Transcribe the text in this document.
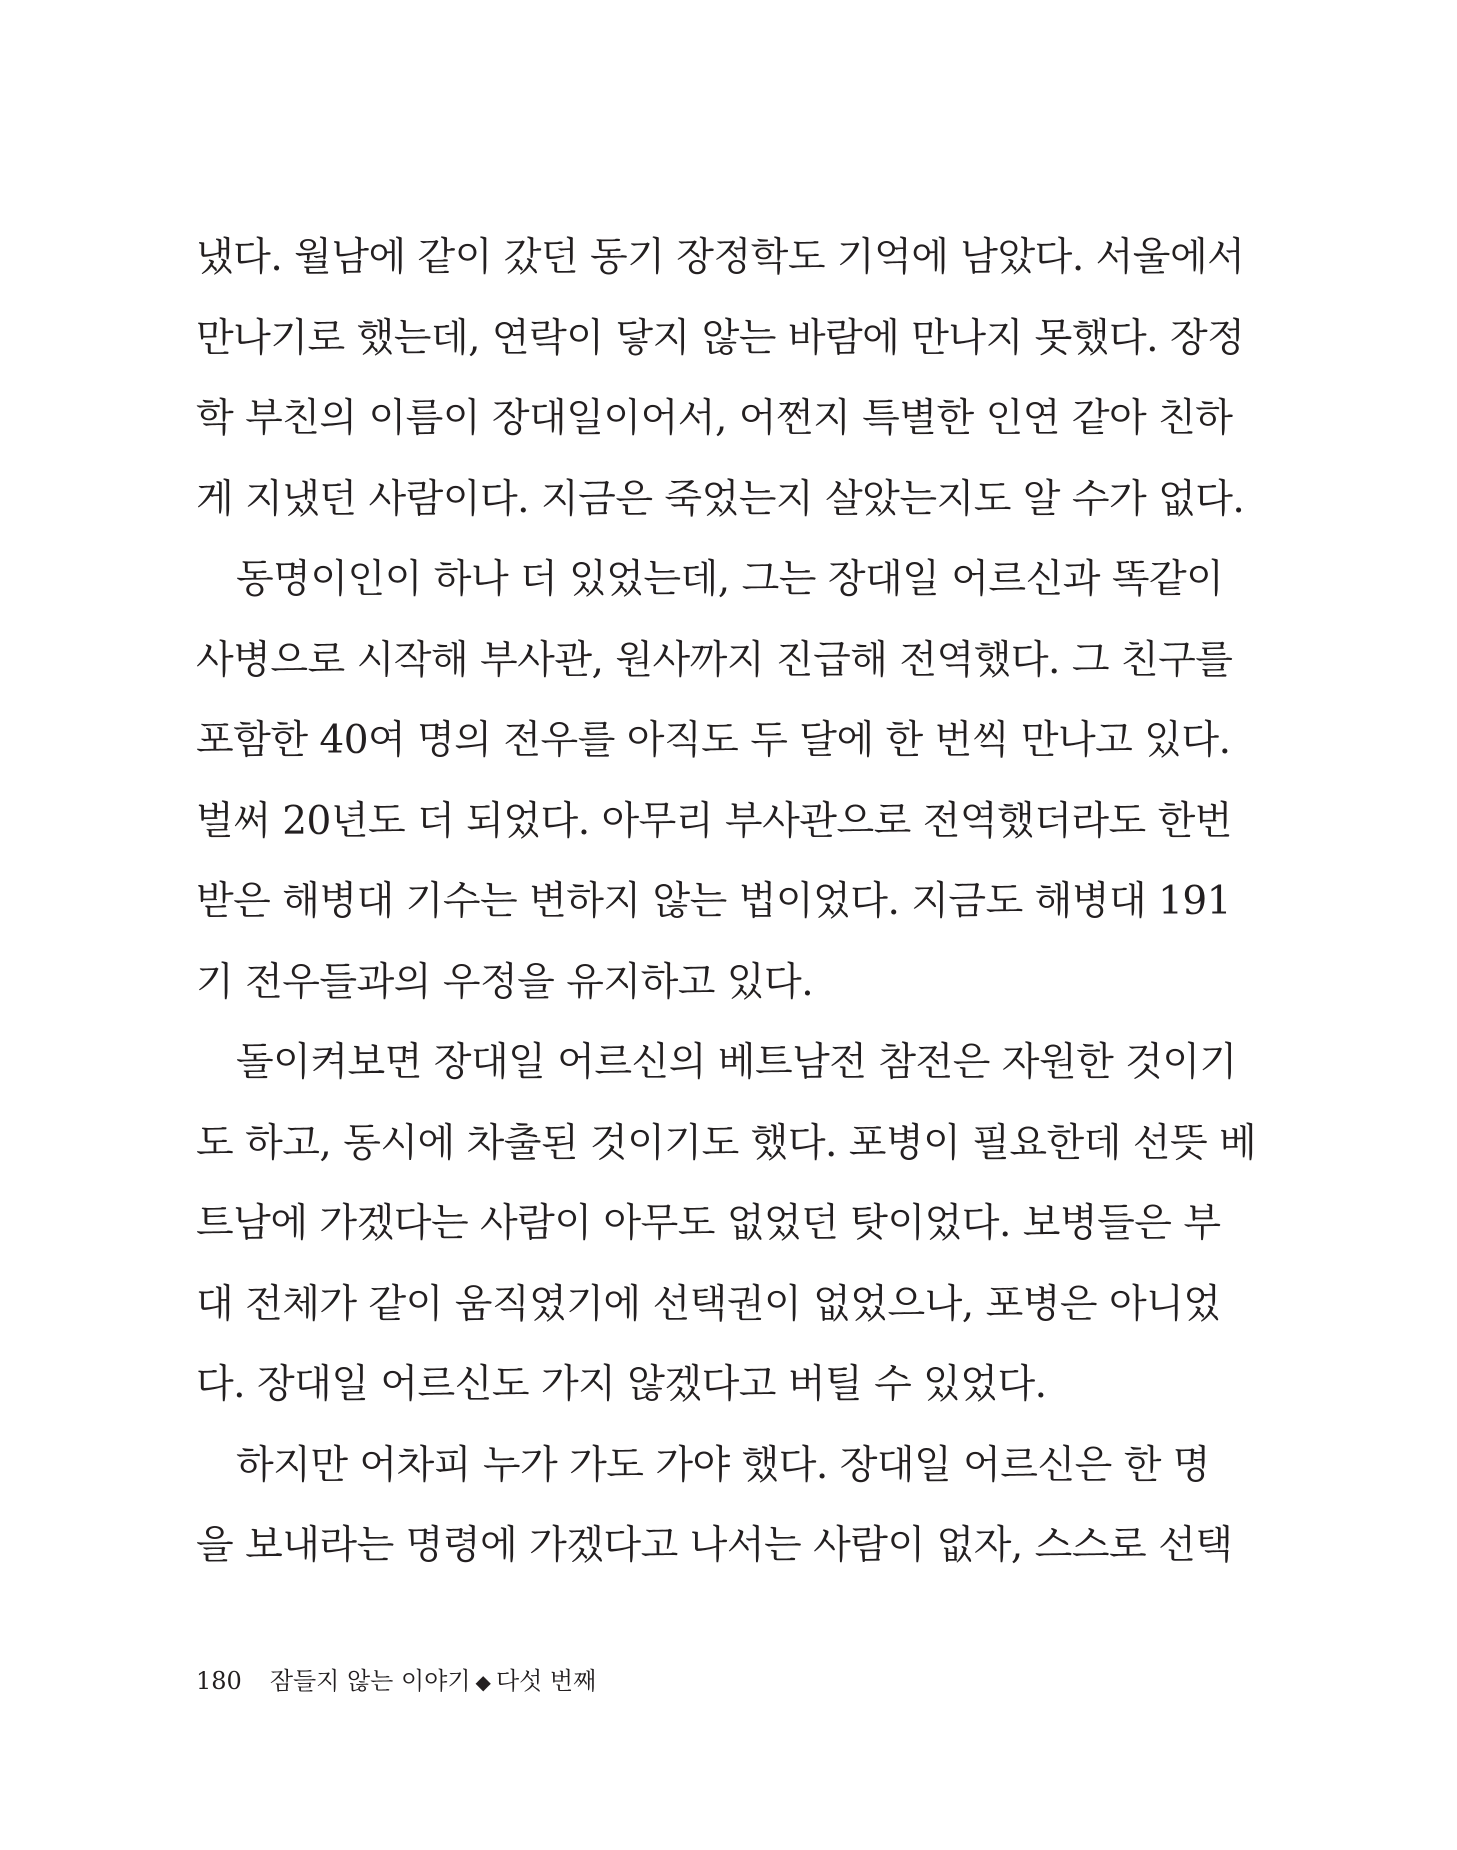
냈다. 월남에 같이 갔던 동기 장정학도 기억에 남았다. 서울에서
만나기로 했는데, 연락이 닿지 않는 바람에 만나지 못했다. 장정
학 부친의 이름이 장대일이어서, 어쩐지 특별한 인연 같아 친하
게 지냈던 사람이다. 지금은 죽었는지 살았는지도 알 수가 없다.
동명이인이 하나 더 있었는데, 그는 장대일 어르신과 똑같이
사병으로 시작해 부사관, 원사까지 진급해 전역했다. 그 친구를
포함한 40여 명의 전우를 아직도 두 달에 한 번씩 만나고 있다.
벌써 20년도 더 되었다. 아무리 부사관으로 전역했더라도 한번
받은 해병대 기수는 변하지 않는 법이었다. 지금도 해병대 191
기 전우들과의 우정을 유지하고 있다.
돌이켜보면 장대일 어르신의 베트남전 참전은 자원한 것이기
도 하고, 동시에 차출된 것이기도 했다. 포병이 필요한데 선뜻 베
트남에 가겠다는 사람이 아무도 없었던 탓이었다. 보병들은 부
대 전체가 같이 움직였기에 선택권이 없었으나, 포병은 아니었
다. 장대일 어르신도 가지 않겠다고 버틸 수 있었다.
하지만 어차피 누가 가도 가야 했다. 장대일 어르신은 한 명
을 보내라는 명령에 가겠다고 나서는 사람이 없자, 스스로 선택
180 잠들지 않는 이야기 ◆ 다섯 번째
